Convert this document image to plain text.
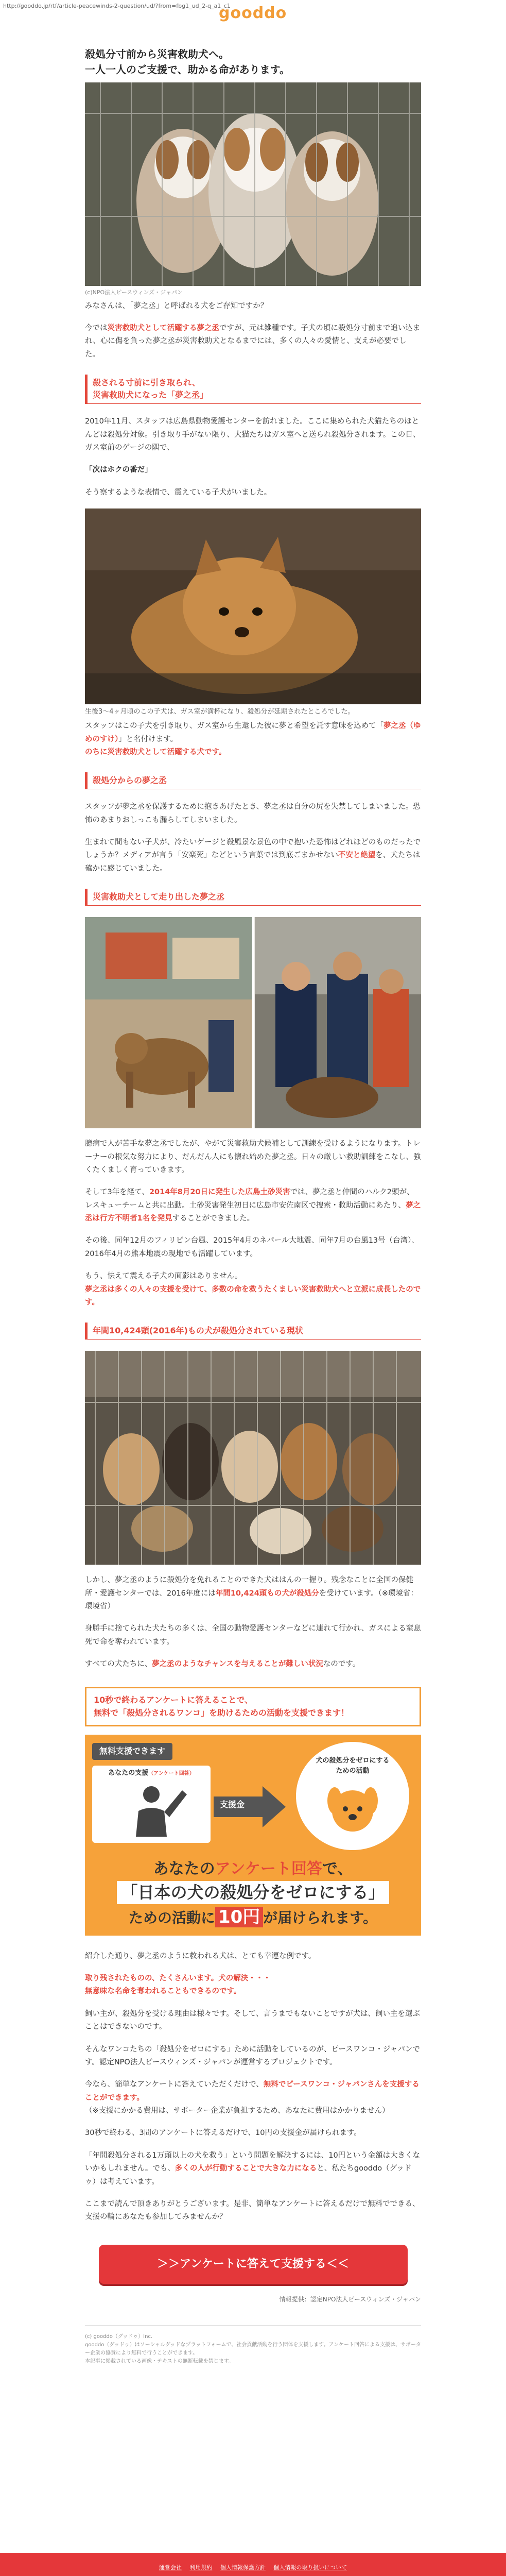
http://gooddo.jp/rtf/article-peacewinds-2-question/ud/?from=fbg1_ud_2-q_a1_c1
gooddo
殺処分寸前から災害救助犬へ。
一人一人のご支援で、助かる命があります。
(c)NPO法人ピースウィンズ・ジャパン

みなさんは、「夢之丞」と呼ばれる犬をご存知ですか？

今では災害救助犬として活躍する夢之丞ですが、元は雑種です。子犬の頃に殺処分寸前まで追い込まれ、心に傷を負った夢之丞が災害救助犬となるまでには、多くの人々の愛情と、支えが必要でした。

殺される寸前に引き取られ、
災害救助犬になった「夢之丞」

2010年11月、スタッフは広島県動物愛護センターを訪れました。ここに集められた犬猫たちのほとんどは殺処分対象。引き取り手がない限り、大猫たちはガス室へと送られ殺処分されます。この日、ガス室前のゲージの隅で、

「次はホクの番だ」

そう察するような表情で、震えている子犬がいました。

生後3〜4ヶ月頃のこの子犬は、ガス室が満杯になり、殺処分が延期されたところでした。

スタッフはこの子犬を引き取り、ガス室から生還した彼に夢と希望を託す意味を込めて「夢之丞（ゆめのすけ）」と名付けます。
のちに災害救助犬として活躍する犬です。

殺処分からの夢之丞

スタッフが夢之丞を保護するために抱きあげたとき、夢之丞は自分の尻を失禁してしまいました。恐怖のあまりおしっこも漏らしてしまいました。

生まれて間もない子犬が、冷たいゲージと殺風景な景色の中で抱いた恐怖はどれほどのものだったでしょうか？メディアが言う「安楽死」などという言葉では到底ごまかせない不安と絶望を、犬たちは確かに感じていました。

災害救助犬として走り出した夢之丞

臆病で人が苦手な夢之丞でしたが、やがて災害救助犬候補として訓練を受けるようになります。トレーナーの根気な努力により、だんだん人にも懐れ始めた夢之丞。日々の厳しい救助訓練をこなし、強くたくましく育っていきます。

そして3年を経て、2014年8月20日に発生した広島土砂災害では、夢之丞と仲間のハルク2頭が、レスキューチームと共に出動。土砂災害発生初日に広島市安佐南区で捜索・救助活動にあたり、夢之丞は行方不明者1名を発見することができました。

その後、同年12月のフィリピン台風、2015年4月のネパール大地震、同年7月の台風13号（台湾）、2016年4月の熊本地震の現地でも活躍しています。

もう、怯えて震える子犬の面影はありません。
夢之丞は多くの人々の支援を受けて、多数の命を救うたくましい災害救助犬へと立派に成長したのです。

年間10,424頭(2016年)もの犬が殺処分されている現状

しかし、夢之丞のように殺処分を免れることのできた犬ははんの一握り。残念なことに全国の保健所・愛護センターでは、2016年度には年間10,424頭もの犬が殺処分を受けています。（※環境省：環境省）

身勝手に捨てられた犬たちの多くは、全国の動物愛護センターなどに連れて行かれ、ガスによる窒息死で命を奪われています。

すべての犬たちに、夢之丞のようなチャンスを与えることが難しい状況なのです。

10秒で終わるアンケートに答えることで、
無料で「殺処分されるワンコ」を助けるための活動を支援できます！
無料支援できます
あなたの支援（アンケート回答）
支援金
犬の殺処分をゼロにする
ための活動
あなたのアンケート回答で、
「日本の犬の殺処分をゼロにする」
ための活動に 10円 が届けられます。

紹介した通り、夢之丞のように救われる犬は、とても幸運な例です。

取り残されたものの、たくさんいます。犬の解決・・・
無意味な名命を奪われることもできるのです。

飼い主が、殺処分を受ける理由は様々です。そして、言うまでもないことですが犬は、飼い主を選ぶことはできないのです。

そんなワンコたちの「殺処分をゼロにする」ために活動をしているのが、ピースワンコ・ジャパンです。認定NPO法人ピースウィンズ・ジャパンが運営するプロジェクトです。

今なら、簡単なアンケートに答えていただくだけで、無料でピースワンコ・ジャパンさんを支援することができます。
（※支援にかかる費用は、サポーター企業が負担するため、あなたに費用はかかりません）

30秒で終わる、3問のアンケートに答えるだけで、10円の支援金が届けられます。

「年間殺処分される1万頭以上の犬を救う」という問題を解決するには、10円という金額は大きくないかもしれません。でも、多くの人が行動することで大きな力になると、私たちgooddo（グッドゥ）は考えています。

ここまで読んで頂きありがとうございます。是非、簡単なアンケートに答えるだけで無料でできる、支援の輪にあなたも参加してみませんか？

＞＞アンケートに答えて支援する＜＜
情報提供：認定NPO法人ピースウィンズ・ジャパン
(c) gooddo（グッドゥ）Inc.
gooddo（グッドゥ）はソーシャルグッドなプラットフォームで、社会貢献活動を行う団体を支援します。アンケート回答による支援は、サポーター企業の協賛により無料で行うことができます。
本記事に掲載されている画像・テキストの無断転載を禁じます。
運営会社 利用規約 個人情報保護方針 個人情報の取り扱いについて
